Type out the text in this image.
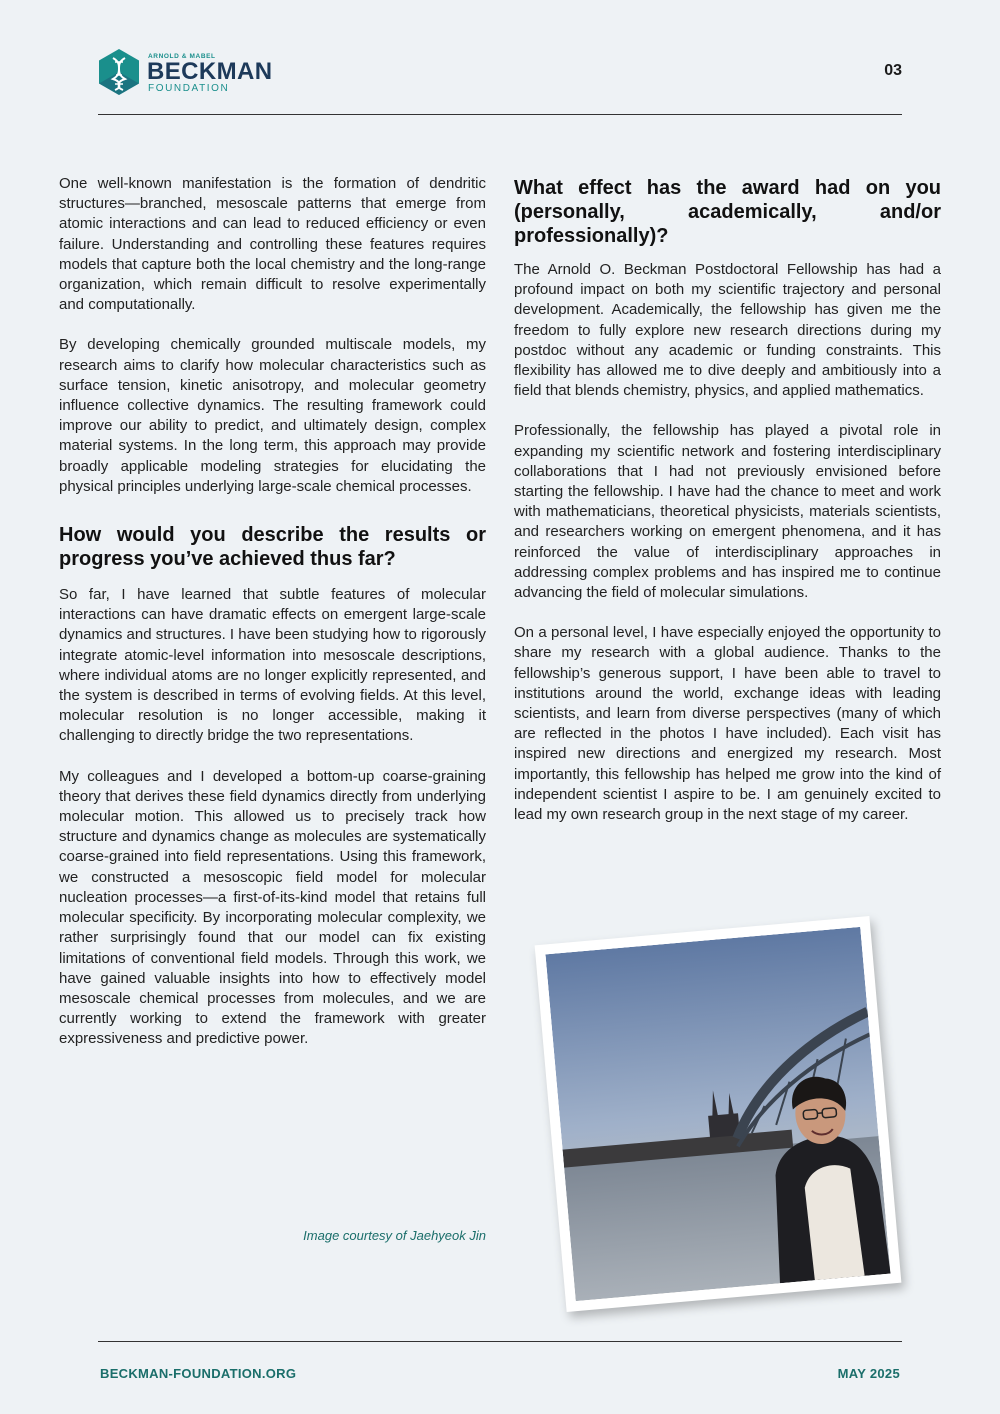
ARNOLD & MABEL
BECKMAN
FOUNDATION
03

One well-known manifestation is the formation of dendritic structures—branched, mesoscale patterns that emerge from atomic interactions and can lead to reduced efficiency or even failure. Understanding and controlling these features requires models that capture both the local chemistry and the long-range organization, which remain difficult to resolve experimentally and computationally.

By developing chemically grounded multiscale models, my research aims to clarify how molecular characteristics such as surface tension, kinetic anisotropy, and molecular geometry influence collective dynamics. The resulting framework could improve our ability to predict, and ultimately design, complex material systems. In the long term, this approach may provide broadly applicable modeling strategies for elucidating the physical principles underlying large-scale chemical processes.

How would you describe the results or progress you’ve achieved thus far?

So far, I have learned that subtle features of molecular interactions can have dramatic effects on emergent large-scale dynamics and structures. I have been studying how to rigorously integrate atomic-level information into mesoscale descriptions, where individual atoms are no longer explicitly represented, and the system is described in terms of evolving fields. At this level, molecular resolution is no longer accessible, making it challenging to directly bridge the two representations.

My colleagues and I developed a bottom-up coarse-graining theory that derives these field dynamics directly from underlying molecular motion. This allowed us to precisely track how structure and dynamics change as molecules are systematically coarse-grained into field representations. Using this framework, we constructed a mesoscopic field model for molecular nucleation processes—a first-of-its-kind model that retains full molecular specificity. By incorporating molecular complexity, we rather surprisingly found that our model can fix existing limitations of conventional field models. Through this work, we have gained valuable insights into how to effectively model mesoscale chemical processes from molecules, and we are currently working to extend the framework with greater expressiveness and predictive power.

Image courtesy of Jaehyeok Jin
What effect has the award had on you (personally, academically, and/or professionally)?

The Arnold O. Beckman Postdoctoral Fellowship has had a profound impact on both my scientific trajectory and personal development. Academically, the fellowship has given me the freedom to fully explore new research directions during my postdoc without any academic or funding constraints. This flexibility has allowed me to dive deeply and ambitiously into a field that blends chemistry, physics, and applied mathematics.

Professionally, the fellowship has played a pivotal role in expanding my scientific network and fostering interdisciplinary collaborations that I had not previously envisioned before starting the fellowship. I have had the chance to meet and work with mathematicians, theoretical physicists, materials scientists, and researchers working on emergent phenomena, and it has reinforced the value of interdisciplinary approaches in addressing complex problems and has inspired me to continue advancing the field of molecular simulations.

On a personal level, I have especially enjoyed the opportunity to share my research with a global audience. Thanks to the fellowship’s generous support, I have been able to travel to institutions around the world, exchange ideas with leading scientists, and learn from diverse perspectives (many of which are reflected in the photos I have included). Each visit has inspired new directions and energized my research. Most importantly, this fellowship has helped me grow into the kind of independent scientist I aspire to be. I am genuinely excited to lead my own research group in the next stage of my career.

BECKMAN-FOUNDATION.ORG	MAY 2025
